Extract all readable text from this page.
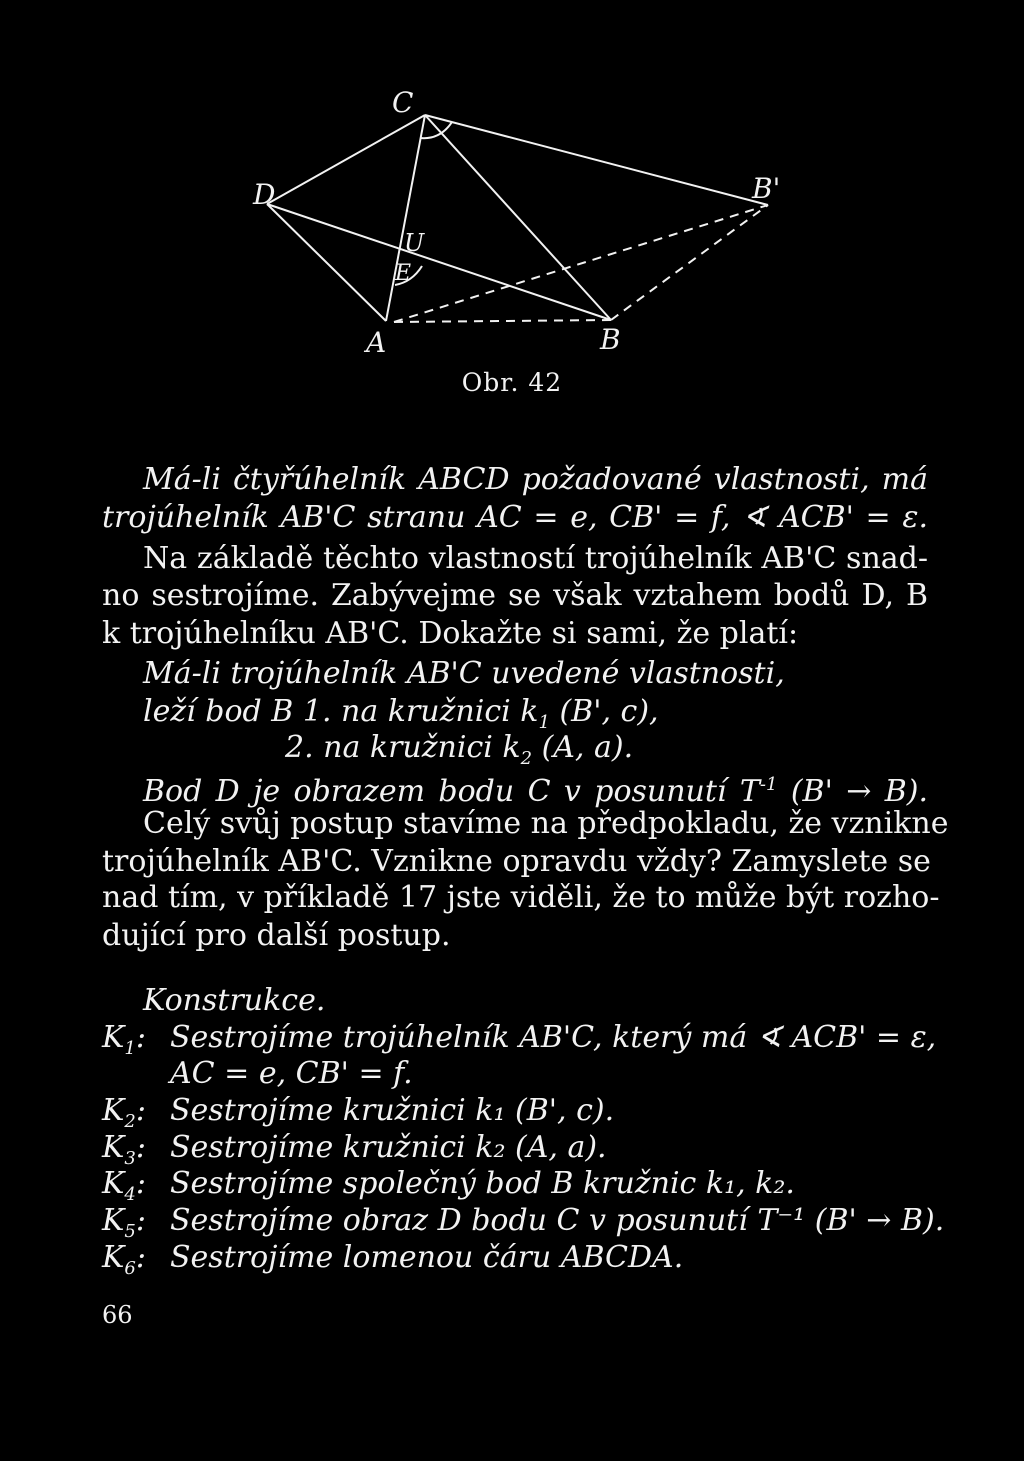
C
D	B'
U
E
A	B
Obr. 42
Má-li čtyřúhelník ABCD požadované vlastnosti, má
trojúhelník AB'C stranu AC = e, CB' = f, ∢ ACB' = ε.
Na základě těchto vlastností trojúhelník AB'C snad-
no sestrojíme. Zabývejme se však vztahem bodů D, B
k trojúhelníku AB'C. Dokažte si sami, že platí:
Má-li trojúhelník AB'C uvedené vlastnosti,
leží bod B 1. na kružnici $k_1$ (B', c),
2. na kružnici $k_2$ (A, a).
Bod D je obrazem bodu C v posunutí $T^{-1}$ (B' → B).
Celý svůj postup stavíme na předpokladu, že vznikne
trojúhelník AB'C. Vznikne opravdu vždy? Zamyslete se
nad tím, v příkladě 17 jste viděli, že to může být rozho-
dující pro další postup.
Konstrukce.
$K_1$: Sestrojíme trojúhelník AB'C, který má ∢ ACB' = ε,
AC = e, CB' = f.
$K_2$: Sestrojíme kružnici k₁ (B', c).
$K_3$: Sestrojíme kružnici k₂ (A, a).
$K_4$: Sestrojíme společný bod B kružnic k₁, k₂.
$K_5$: Sestrojíme obraz D bodu C v posunutí T⁻¹ (B' → B).
$K_6$: Sestrojíme lomenou čáru ABCDA.
66
